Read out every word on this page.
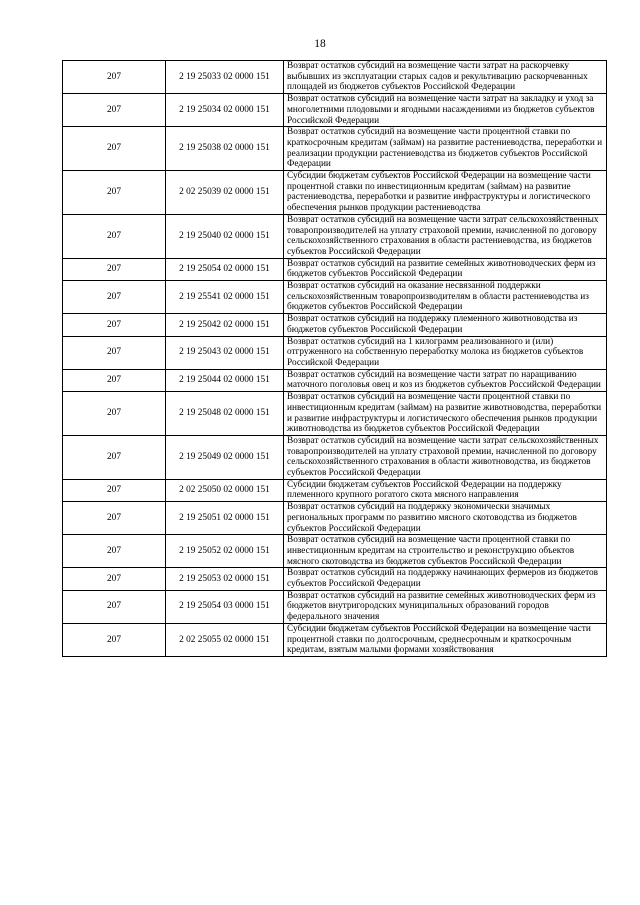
18
207	2 19 25033 02 0000 151	Возврат остатков субсидий на возмещение части затрат на раскорчевку выбывших из эксплуатации старых садов и рекультивацию раскорчеванных площадей из бюджетов субъектов Российской Федерации
207	2 19 25034 02 0000 151	Возврат остатков субсидий на возмещение части затрат на закладку и уход за многолетними плодовыми и ягодными насаждениями из бюджетов субъектов Российской Федерации
207	2 19 25038 02 0000 151	Возврат остатков субсидий на возмещение части процентной ставки по краткосрочным кредитам (займам) на развитие растениеводства, переработки и реализации продукции растениеводства из бюджетов субъектов Российской Федерации
207	2 02 25039 02 0000 151	Субсидии бюджетам субъектов Российской Федерации на возмещение части процентной ставки по инвестиционным кредитам (займам) на развитие растениеводства, переработки и развитие инфраструктуры и логистического обеспечения рынков продукции растениеводства
207	2 19 25040 02 0000 151	Возврат остатков субсидий на возмещение части затрат сельскохозяйственных товаропроизводителей на уплату страховой премии, начисленной по договору сельскохозяйственного страхования в области растениеводства, из бюджетов субъектов Российской Федерации
207	2 19 25054 02 0000 151	Возврат остатков субсидий на развитие семейных животноводческих ферм из бюджетов субъектов Российской Федерации
207	2 19 25541 02 0000 151	Возврат остатков субсидий на оказание несвязанной поддержки сельскохозяйственным товаропроизводителям в области растениеводства из бюджетов субъектов Российской Федерации
207	2 19 25042 02 0000 151	Возврат остатков субсидий на поддержку племенного животноводства из бюджетов субъектов Российской Федерации
207	2 19 25043 02 0000 151	Возврат остатков субсидий на 1 килограмм реализованного и (или) отгруженного на собственную переработку молока из бюджетов субъектов Российской Федерации
207	2 19 25044 02 0000 151	Возврат остатков субсидий на возмещение части затрат по наращиванию маточного поголовья овец и коз из бюджетов субъектов Российской Федерации
207	2 19 25048 02 0000 151	Возврат остатков субсидий на возмещение части процентной ставки по инвестиционным кредитам (займам) на развитие животноводства, переработки и развитие инфраструктуры и логистического обеспечения рынков продукции животноводства из бюджетов субъектов Российской Федерации
207	2 19 25049 02 0000 151	Возврат остатков субсидий на возмещение части затрат сельскохозяйственных товаропроизводителей на уплату страховой премии, начисленной по договору сельскохозяйственного страхования в области животноводства, из бюджетов субъектов Российской Федерации
207	2 02 25050 02 0000 151	Субсидии бюджетам субъектов Российской Федерации на поддержку племенного крупного рогатого скота мясного направления
207	2 19 25051 02 0000 151	Возврат остатков субсидий на поддержку экономически значимых региональных программ по развитию мясного скотоводства из бюджетов субъектов Российской Федерации
207	2 19 25052 02 0000 151	Возврат остатков субсидий на возмещение части процентной ставки по инвестиционным кредитам на строительство и реконструкцию объектов мясного скотоводства из бюджетов субъектов Российской Федерации
207	2 19 25053 02 0000 151	Возврат остатков субсидий на поддержку начинающих фермеров из бюджетов субъектов Российской Федерации
207	2 19 25054 03 0000 151	Возврат остатков субсидий на развитие семейных животноводческих ферм из бюджетов внутригородских муниципальных образований городов федерального значения
207	2 02 25055 02 0000 151	Субсидии бюджетам субъектов Российской Федерации на возмещение части процентной ставки по долгосрочным, среднесрочным и краткосрочным кредитам, взятым малыми формами хозяйствования
